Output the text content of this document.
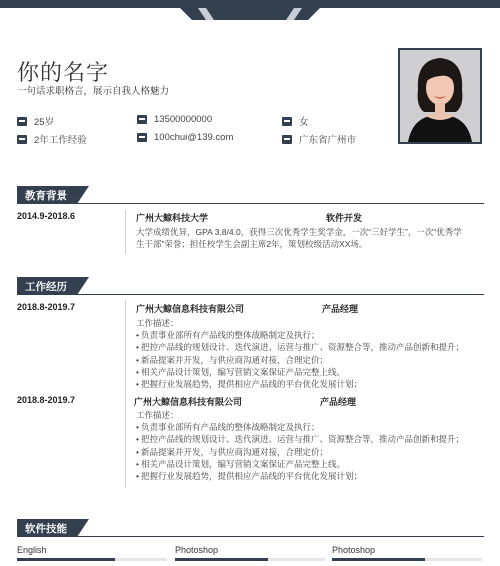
你的名字
一句话求职格言，展示自我人格魅力
25岁	13500000000	女
2年工作经验	100chui@139.com	广东省广州市
教育背景
2014.9-2018.6	广州大鲸科技大学	软件开发
大学成绩优异，GPA 3.8/4.0，获得三次优秀学生奖学金，一次“三好学生”，一次“优秀学
生干部”荣誉；担任校学生会副主席2年，策划校级活动XX场。
工作经历
2018.8-2019.7	广州大鲸信息科技有限公司	产品经理
工作描述：
• 负责事业部所有产品线的整体战略制定及执行；
• 把控产品线的规划设计、迭代演进、运营与推广、资源整合等，推动产品创新和提升；
• 新品提案并开发，与供应商沟通对接，合理定价；
• 相关产品设计策划，编写营销文案保证产品完整上线。
• 把握行业发展趋势，提供相应产品线的平台优化发展计划；
2018.8-2019.7	广州大鲸信息科技有限公司	产品经理
工作描述：
• 负责事业部所有产品线的整体战略制定及执行；
• 把控产品线的规划设计、迭代演进、运营与推广、资源整合等，推动产品创新和提升；
• 新品提案并开发，与供应商沟通对接，合理定价；
• 相关产品设计策划，编写营销文案保证产品完整上线。
• 把握行业发展趋势，提供相应产品线的平台优化发展计划；
软件技能
English	Photoshop	Photoshop
